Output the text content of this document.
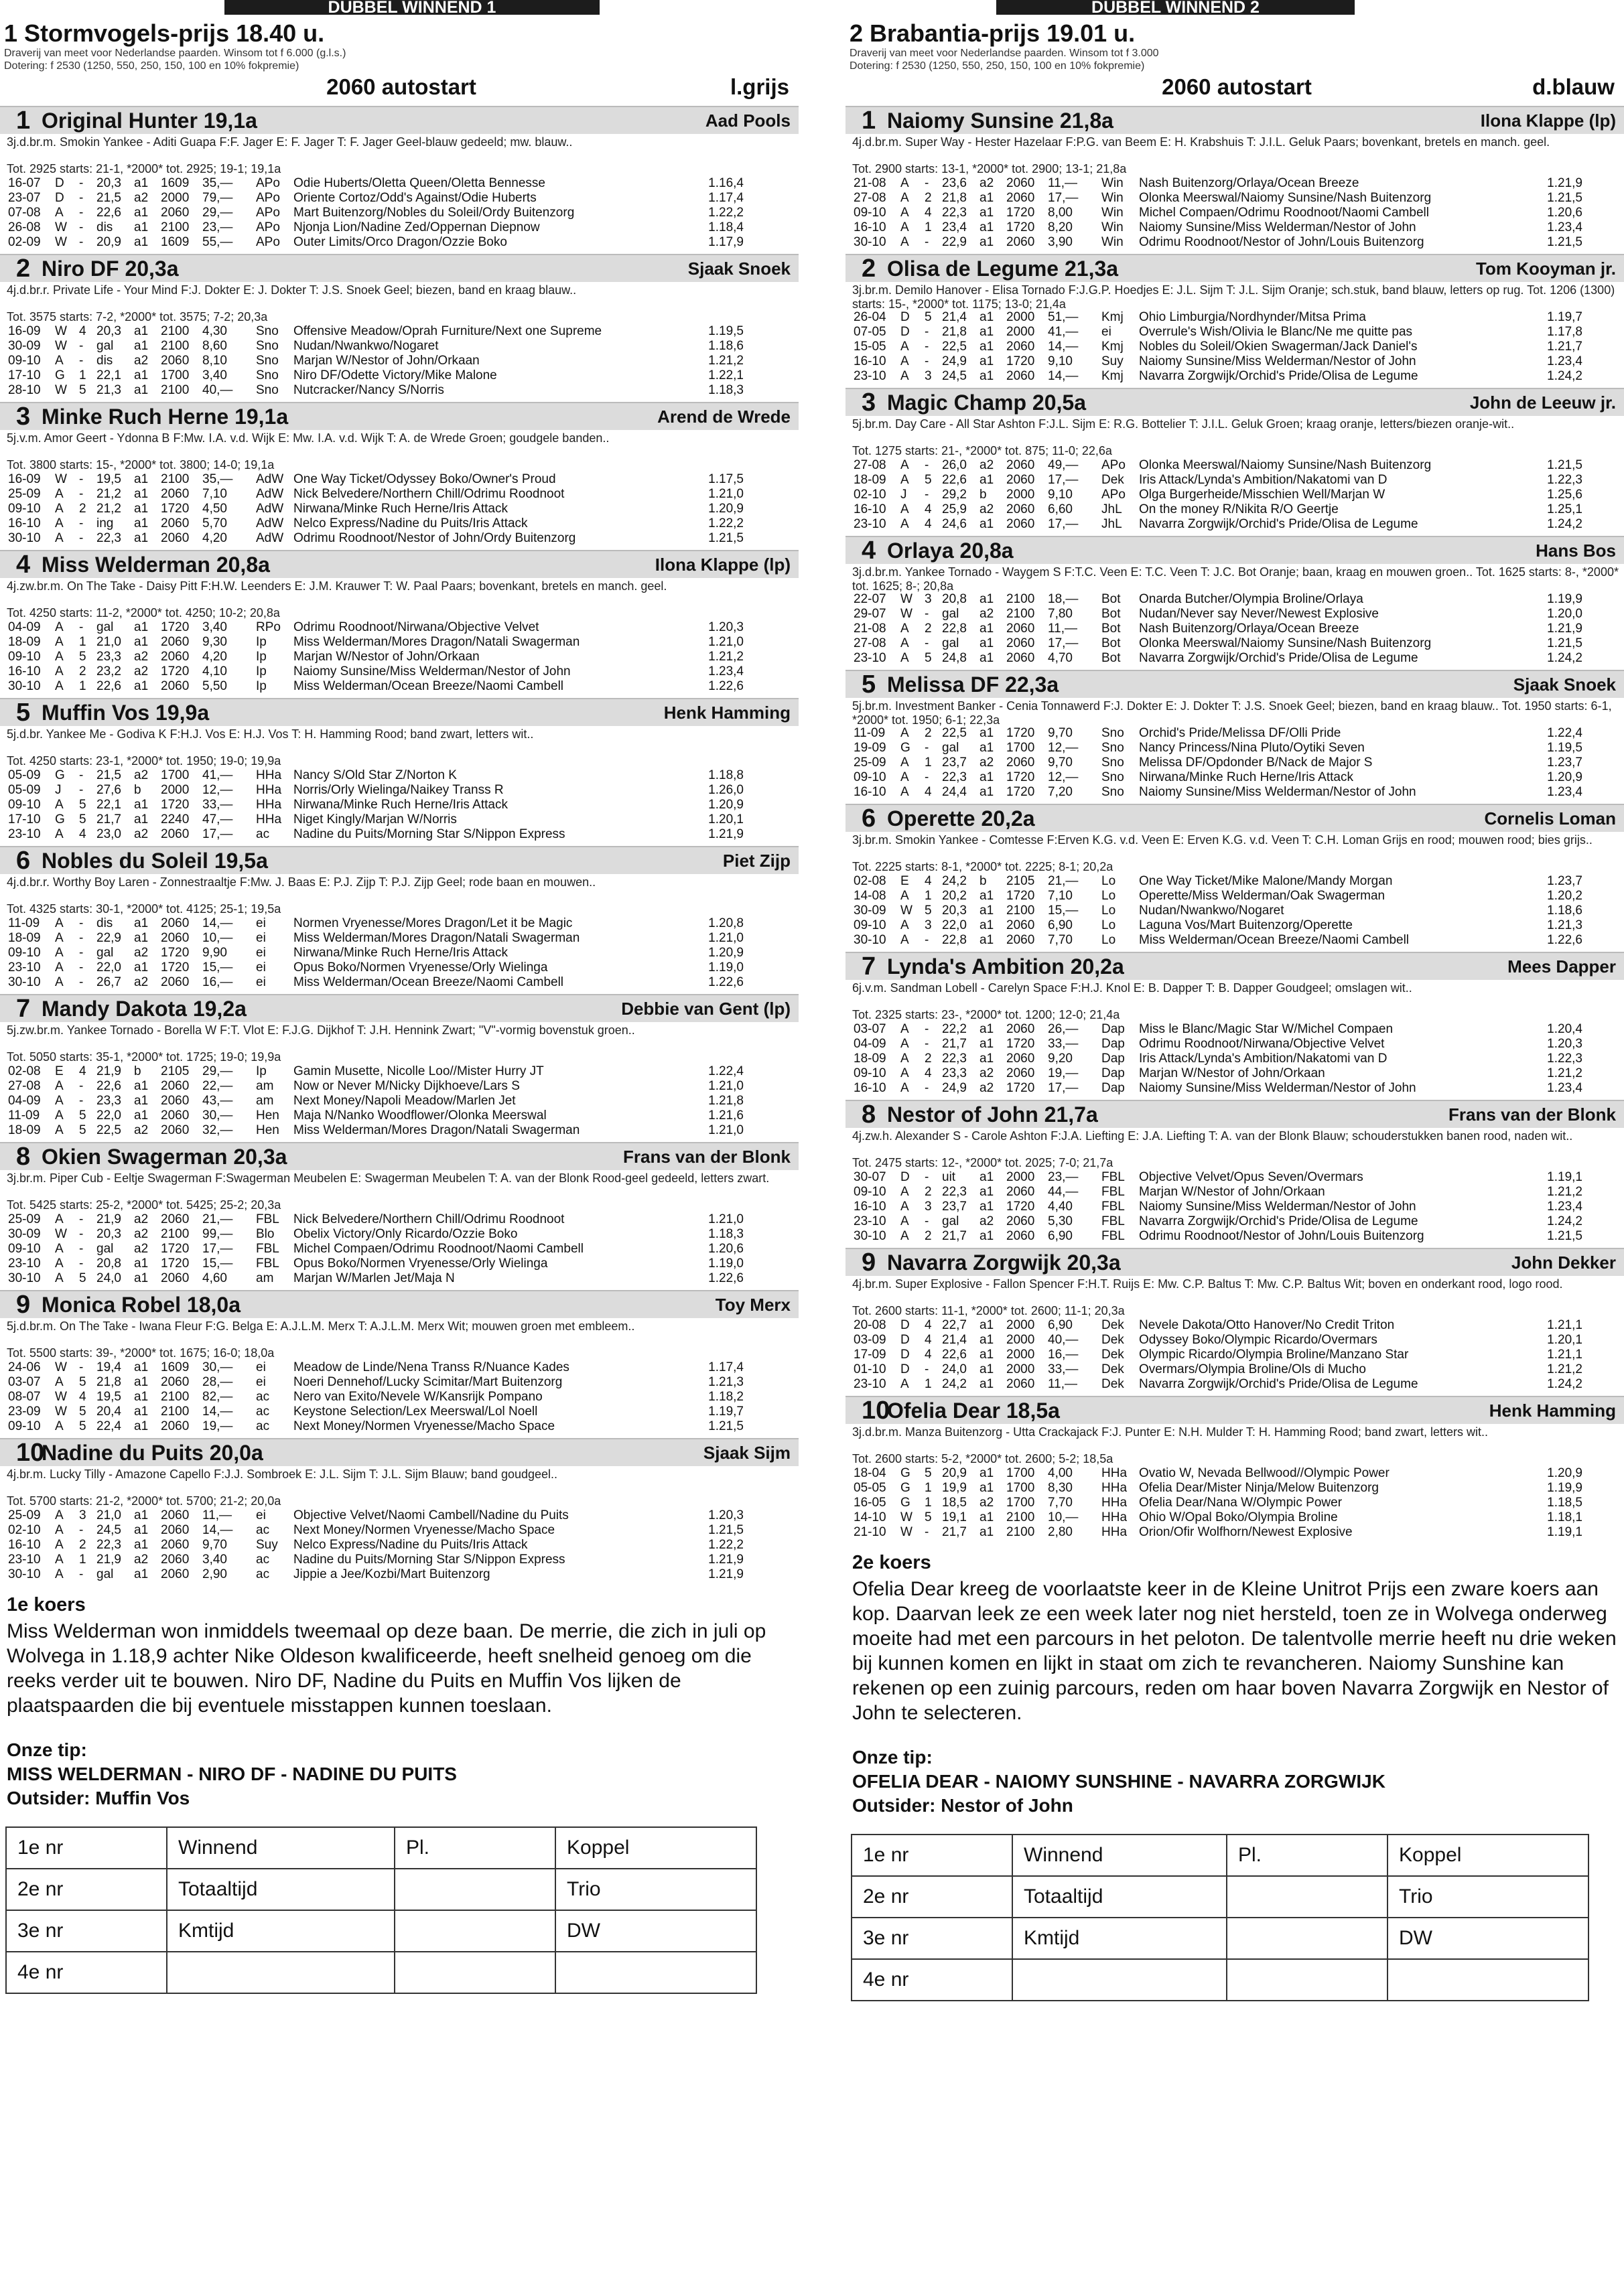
DUBBEL WINNEND 1
1 Stormvogels-prijs 18.40 u.
Draverij van meet voor Nederlandse paarden. Winsom tot f 6.000 (g.l.s.)
Dotering: f 2530 (1250, 550, 250, 150, 100 en 10% fokpremie)
2060 autostart	l.grijs
1 Original Hunter 19,1a	Aad Pools
3j.d.br.m. Smokin Yankee - Aditi Guapa F:F. Jager E: F. Jager T: F. Jager Geel-blauw gedeeld; mw. blauw..
Tot. 2925 starts: 21-1, *2000* tot. 2925; 19-1; 19,1a
16-07	D	-	20,3	a1	1609	35,—	APo	Odie Huberts/Oletta Queen/Oletta Bennesse	1.16,4
23-07	D	-	21,5	a2	2000	79,—	APo	Oriente Cortoz/Odd's Against/Odie Huberts	1.17,4
07-08	A	-	22,6	a1	2060	29,—	APo	Mart Buitenzorg/Nobles du Soleil/Ordy Buitenzorg	1.22,2
26-08	W	-	dis	a1	2100	23,—	APo	Njonja Lion/Nadine Zed/Oppernan Diepnow	1.18,4
02-09	W	-	20,9	a1	1609	55,—	APo	Outer Limits/Orco Dragon/Ozzie Boko	1.17,9
2 Niro DF 20,3a	Sjaak Snoek
4j.d.br.r. Private Life - Your Mind F:J. Dokter E: J. Dokter T: J.S. Snoek Geel; biezen, band en kraag blauw..
Tot. 3575 starts: 7-2, *2000* tot. 3575; 7-2; 20,3a
16-09	W	4	20,3	a1	2100	4,30	Sno	Offensive Meadow/Oprah Furniture/Next one Supreme	1.19,5
30-09	W	-	gal	a1	2100	8,60	Sno	Nudan/Nwankwo/Nogaret	1.18,6
09-10	A	-	dis	a2	2060	8,10	Sno	Marjan W/Nestor of John/Orkaan	1.21,2
17-10	G	1	22,1	a1	1700	3,40	Sno	Niro DF/Odette Victory/Mike Malone	1.22,1
28-10	W	5	21,3	a1	2100	40,—	Sno	Nutcracker/Nancy S/Norris	1.18,3
3 Minke Ruch Herne 19,1a	Arend de Wrede
5j.v.m. Amor Geert - Ydonna B F:Mw. I.A. v.d. Wijk E: Mw. I.A. v.d. Wijk T: A. de Wrede Groen; goudgele banden..
Tot. 3800 starts: 15-, *2000* tot. 3800; 14-0; 19,1a
16-09	W	-	19,5	a1	2100	35,—	AdW	One Way Ticket/Odyssey Boko/Owner's Proud	1.17,5
25-09	A	-	21,2	a1	2060	7,10	AdW	Nick Belvedere/Northern Chill/Odrimu Roodnoot	1.21,0
09-10	A	2	21,2	a1	1720	4,50	AdW	Nirwana/Minke Ruch Herne/Iris Attack	1.20,9
16-10	A	-	ing	a1	2060	5,70	AdW	Nelco Express/Nadine du Puits/Iris Attack	1.22,2
30-10	A	-	22,3	a1	2060	4,20	AdW	Odrimu Roodnoot/Nestor of John/Ordy Buitenzorg	1.21,5
4 Miss Welderman 20,8a	Ilona Klappe (lp)
4j.zw.br.m. On The Take - Daisy Pitt F:H.W. Leenders E: J.M. Krauwer T: W. Paal Paars; bovenkant, bretels en manch. geel.
Tot. 4250 starts: 11-2, *2000* tot. 4250; 10-2; 20,8a
04-09	A	-	gal	a1	1720	3,40	RPo	Odrimu Roodnoot/Nirwana/Objective Velvet	1.20,3
18-09	A	1	21,0	a1	2060	9,30	Ip	Miss Welderman/Mores Dragon/Natali Swagerman	1.21,0
09-10	A	5	23,3	a2	2060	4,20	Ip	Marjan W/Nestor of John/Orkaan	1.21,2
16-10	A	2	23,2	a2	1720	4,10	Ip	Naiomy Sunsine/Miss Welderman/Nestor of John	1.23,4
30-10	A	1	22,6	a1	2060	5,50	Ip	Miss Welderman/Ocean Breeze/Naomi Cambell	1.22,6
5 Muffin Vos 19,9a	Henk Hamming
5j.d.br. Yankee Me - Godiva K F:H.J. Vos E: H.J. Vos T: H. Hamming Rood; band zwart, letters wit..
Tot. 4250 starts: 23-1, *2000* tot. 1950; 19-0; 19,9a
05-09	G	-	21,5	a2	1700	41,—	HHa	Nancy S/Old Star Z/Norton K	1.18,8
05-09	J	-	27,6	b	2000	12,—	HHa	Norris/Orly Wielinga/Naikey Transs R	1.26,0
09-10	A	5	22,1	a1	1720	33,—	HHa	Nirwana/Minke Ruch Herne/Iris Attack	1.20,9
17-10	G	5	21,7	a1	2240	47,—	HHa	Niget Kingly/Marjan W/Norris	1.20,1
23-10	A	4	23,0	a2	2060	17,—	ac	Nadine du Puits/Morning Star S/Nippon Express	1.21,9
6 Nobles du Soleil 19,5a	Piet Zijp
4j.d.br.r. Worthy Boy Laren - Zonnestraaltje F:Mw. J. Baas E: P.J. Zijp T: P.J. Zijp Geel; rode baan en mouwen..
Tot. 4325 starts: 30-1, *2000* tot. 4125; 25-1; 19,5a
11-09	A	-	dis	a1	2060	14,—	ei	Normen Vryenesse/Mores Dragon/Let it be Magic	1.20,8
18-09	A	-	22,9	a1	2060	10,—	ei	Miss Welderman/Mores Dragon/Natali Swagerman	1.21,0
09-10	A	-	gal	a2	1720	9,90	ei	Nirwana/Minke Ruch Herne/Iris Attack	1.20,9
23-10	A	-	22,0	a1	1720	15,—	ei	Opus Boko/Normen Vryenesse/Orly Wielinga	1.19,0
30-10	A	-	26,7	a2	2060	16,—	ei	Miss Welderman/Ocean Breeze/Naomi Cambell	1.22,6
7 Mandy Dakota 19,2a	Debbie van Gent (lp)
5j.zw.br.m. Yankee Tornado - Borella W F:T. Vlot E: F.J.G. Dijkhof T: J.H. Hennink Zwart; "V"-vormig bovenstuk groen..
Tot. 5050 starts: 35-1, *2000* tot. 1725; 19-0; 19,9a
02-08	E	4	21,9	b	2105	29,—	Ip	Gamin Musette, Nicolle Loo//Mister Hurry JT	1.22,4
27-08	A	-	22,6	a1	2060	22,—	am	Now or Never M/Nicky Dijkhoeve/Lars S	1.21,0
04-09	A	-	23,3	a1	2060	43,—	am	Next Money/Napoli Meadow/Marlen Jet	1.21,8
11-09	A	5	22,0	a1	2060	30,—	Hen	Maja N/Nanko Woodflower/Olonka Meerswal	1.21,6
18-09	A	5	22,5	a2	2060	32,—	Hen	Miss Welderman/Mores Dragon/Natali Swagerman	1.21,0
8 Okien Swagerman 20,3a	Frans van der Blonk
3j.br.m. Piper Cub - Eeltje Swagerman F:Swagerman Meubelen E: Swagerman Meubelen T: A. van der Blonk Rood-geel gedeeld, letters zwart.
Tot. 5425 starts: 25-2, *2000* tot. 5425; 25-2; 20,3a
25-09	A	-	21,9	a2	2060	21,—	FBL	Nick Belvedere/Northern Chill/Odrimu Roodnoot	1.21,0
30-09	W	-	20,3	a2	2100	99,—	Blo	Obelix Victory/Only Ricardo/Ozzie Boko	1.18,3
09-10	A	-	gal	a2	1720	17,—	FBL	Michel Compaen/Odrimu Roodnoot/Naomi Cambell	1.20,6
23-10	A	-	20,8	a1	1720	15,—	FBL	Opus Boko/Normen Vryenesse/Orly Wielinga	1.19,0
30-10	A	5	24,0	a1	2060	4,60	am	Marjan W/Marlen Jet/Maja N	1.22,6
9 Monica Robel 18,0a	Toy Merx
5j.d.br.m. On The Take - Iwana Fleur F:G. Belga E: A.J.L.M. Merx T: A.J.L.M. Merx Wit; mouwen groen met embleem..
Tot. 5500 starts: 39-, *2000* tot. 1675; 16-0; 18,0a
24-06	W	-	19,4	a1	1609	30,—	ei	Meadow de Linde/Nena Transs R/Nuance Kades	1.17,4
03-07	A	5	21,8	a1	2060	28,—	ei	Noeri Dennehof/Lucky Scimitar/Mart Buitenzorg	1.21,3
08-07	W	4	19,5	a1	2100	82,—	ac	Nero van Exito/Nevele W/Kansrijk Pompano	1.18,2
23-09	W	5	20,4	a1	2100	14,—	ac	Keystone Selection/Lex Meerswal/Lol Noell	1.19,7
09-10	A	5	22,4	a1	2060	19,—	ac	Next Money/Normen Vryenesse/Macho Space	1.21,5
10
Nadine du Puits 20,0a	Sjaak Sijm
4j.br.m. Lucky Tilly - Amazone Capello F:J.J. Sombroek E: J.L. Sijm T: J.L. Sijm Blauw; band goudgeel..
Tot. 5700 starts: 21-2, *2000* tot. 5700; 21-2; 20,0a
25-09	A	3	21,0	a1	2060	11,—	ei	Objective Velvet/Naomi Cambell/Nadine du Puits	1.20,3
02-10	A	-	24,5	a1	2060	14,—	ac	Next Money/Normen Vryenesse/Macho Space	1.21,5
16-10	A	2	22,3	a1	2060	9,70	Suy	Nelco Express/Nadine du Puits/Iris Attack	1.22,2
23-10	A	1	21,9	a2	2060	3,40	ac	Nadine du Puits/Morning Star S/Nippon Express	1.21,9
30-10	A	-	gal	a1	2060	2,90	ac	Jippie a Jee/Kozbi/Mart Buitenzorg	1.21,9
1e koers

Miss Welderman won inmiddels tweemaal op deze baan. De merrie, die zich in juli op Wolvega in 1.18,9 achter Nike Oldeson kwalificeerde, heeft snelheid genoeg om die reeks verder uit te bouwen. Niro DF, Nadine du Puits en Muffin Vos lijken de plaatspaarden die bij eventuele misstappen kunnen toeslaan.

Onze tip:
MISS WELDERMAN - NIRO DF - NADINE DU PUITS
Outsider: Muffin Vos
1e nr	Winnend	Pl.	Koppel
2e nr	Totaaltijd		Trio
3e nr	Kmtijd		DW
4e nr			
DUBBEL WINNEND 2
2 Brabantia-prijs 19.01 u.
Draverij van meet voor Nederlandse paarden. Winsom tot f 3.000
Dotering: f 2530 (1250, 550, 250, 150, 100 en 10% fokpremie)
2060 autostart	d.blauw
1 Naiomy Sunsine 21,8a	Ilona Klappe (lp)
4j.d.br.m. Super Way - Hester Hazelaar F:P.G. van Beem E: H. Krabshuis T: J.I.L. Geluk Paars; bovenkant, bretels en manch. geel.
Tot. 2900 starts: 13-1, *2000* tot. 2900; 13-1; 21,8a
21-08	A	-	23,6	a2	2060	11,—	Win	Nash Buitenzorg/Orlaya/Ocean Breeze	1.21,9
27-08	A	2	21,8	a1	2060	17,—	Win	Olonka Meerswal/Naiomy Sunsine/Nash Buitenzorg	1.21,5
09-10	A	4	22,3	a1	1720	8,00	Win	Michel Compaen/Odrimu Roodnoot/Naomi Cambell	1.20,6
16-10	A	1	23,4	a1	1720	8,20	Win	Naiomy Sunsine/Miss Welderman/Nestor of John	1.23,4
30-10	A	-	22,9	a1	2060	3,90	Win	Odrimu Roodnoot/Nestor of John/Louis Buitenzorg	1.21,5
2 Olisa de Legume 21,3a	Tom Kooyman jr.
3j.br.m. Demilo Hanover - Elisa Tornado F:J.G.P. Hoedjes E: J.L. Sijm T: J.L. Sijm Oranje; sch.stuk, band blauw, letters op rug. Tot. 1206 (1300) starts: 15-, *2000* tot. 1175; 13-0; 21,4a
26-04	D	5	21,4	a1	2000	51,—	Kmj	Ohio Limburgia/Nordhynder/Mitsa Prima	1.19,7
07-05	D	-	21,8	a1	2000	41,—	ei	Overrule's Wish/Olivia le Blanc/Ne me quitte pas	1.17,8
15-05	A	-	22,5	a1	2060	14,—	Kmj	Nobles du Soleil/Okien Swagerman/Jack Daniel's	1.21,7
16-10	A	-	24,9	a1	1720	9,10	Suy	Naiomy Sunsine/Miss Welderman/Nestor of John	1.23,4
23-10	A	3	24,5	a1	2060	14,—	Kmj	Navarra Zorgwijk/Orchid's Pride/Olisa de Legume	1.24,2
3 Magic Champ 20,5a	John de Leeuw jr.
5j.br.m. Day Care - All Star Ashton F:J.L. Sijm E: R.G. Bottelier T: J.I.L. Geluk Groen; kraag oranje, letters/biezen oranje-wit..
Tot. 1275 starts: 21-, *2000* tot. 875; 11-0; 22,6a
27-08	A	-	26,0	a2	2060	49,—	APo	Olonka Meerswal/Naiomy Sunsine/Nash Buitenzorg	1.21,5
18-09	A	5	22,6	a1	2060	17,—	Dek	Iris Attack/Lynda's Ambition/Nakatomi van D	1.22,3
02-10	J	-	29,2	b	2000	9,10	APo	Olga Burgerheide/Misschien Well/Marjan W	1.25,6
16-10	A	4	25,9	a2	2060	6,60	JhL	On the money R/Nikita R/O Geertje	1.25,1
23-10	A	4	24,6	a1	2060	17,—	JhL	Navarra Zorgwijk/Orchid's Pride/Olisa de Legume	1.24,2
4 Orlaya 20,8a	Hans Bos
3j.d.br.m. Yankee Tornado - Waygem S F:T.C. Veen E: T.C. Veen T: J.C. Bot Oranje; baan, kraag en mouwen groen.. Tot. 1625 starts: 8-, *2000* tot. 1625; 8-; 20,8a
22-07	W	3	20,8	a1	2100	18,—	Bot	Onarda Butcher/Olympia Broline/Orlaya	1.19,9
29-07	W	-	gal	a2	2100	7,80	Bot	Nudan/Never say Never/Newest Explosive	1.20,0
21-08	A	2	22,8	a1	2060	11,—	Bot	Nash Buitenzorg/Orlaya/Ocean Breeze	1.21,9
27-08	A	-	gal	a1	2060	17,—	Bot	Olonka Meerswal/Naiomy Sunsine/Nash Buitenzorg	1.21,5
23-10	A	5	24,8	a1	2060	4,70	Bot	Navarra Zorgwijk/Orchid's Pride/Olisa de Legume	1.24,2
5 Melissa DF 22,3a	Sjaak Snoek
5j.br.m. Investment Banker - Cenia Tonnawerd F:J. Dokter E: J. Dokter T: J.S. Snoek Geel; biezen, band en kraag blauw.. Tot. 1950 starts: 6-1, *2000* tot. 1950; 6-1; 22,3a
11-09	A	2	22,5	a1	1720	9,70	Sno	Orchid's Pride/Melissa DF/Olli Pride	1.22,4
19-09	G	-	gal	a1	1700	12,—	Sno	Nancy Princess/Nina Pluto/Oytiki Seven	1.19,5
25-09	A	1	23,7	a2	2060	9,70	Sno	Melissa DF/Opdonder B/Nack de Major S	1.23,7
09-10	A	-	22,3	a1	1720	12,—	Sno	Nirwana/Minke Ruch Herne/Iris Attack	1.20,9
16-10	A	4	24,4	a1	1720	7,20	Sno	Naiomy Sunsine/Miss Welderman/Nestor of John	1.23,4
6 Operette 20,2a	Cornelis Loman
3j.br.m. Smokin Yankee - Comtesse F:Erven K.G. v.d. Veen E: Erven K.G. v.d. Veen T: C.H. Loman Grijs en rood; mouwen rood; bies grijs..
Tot. 2225 starts: 8-1, *2000* tot. 2225; 8-1; 20,2a
02-08	E	4	24,2	b	2105	21,—	Lo	One Way Ticket/Mike Malone/Mandy Morgan	1.23,7
14-08	A	1	20,2	a1	1720	7,10	Lo	Operette/Miss Welderman/Oak Swagerman	1.20,2
30-09	W	5	20,3	a1	2100	15,—	Lo	Nudan/Nwankwo/Nogaret	1.18,6
09-10	A	3	22,0	a1	2060	6,90	Lo	Laguna Vos/Mart Buitenzorg/Operette	1.21,3
30-10	A	-	22,8	a1	2060	7,70	Lo	Miss Welderman/Ocean Breeze/Naomi Cambell	1.22,6
7 Lynda's Ambition 20,2a	Mees Dapper
6j.v.m. Sandman Lobell - Carelyn Space F:H.J. Knol E: B. Dapper T: B. Dapper Goudgeel; omslagen wit..
Tot. 2325 starts: 23-, *2000* tot. 1200; 12-0; 21,4a
03-07	A	-	22,2	a1	2060	26,—	Dap	Miss le Blanc/Magic Star W/Michel Compaen	1.20,4
04-09	A	-	21,7	a1	1720	33,—	Dap	Odrimu Roodnoot/Nirwana/Objective Velvet	1.20,3
18-09	A	2	22,3	a1	2060	9,20	Dap	Iris Attack/Lynda's Ambition/Nakatomi van D	1.22,3
09-10	A	4	23,3	a2	2060	19,—	Dap	Marjan W/Nestor of John/Orkaan	1.21,2
16-10	A	-	24,9	a2	1720	17,—	Dap	Naiomy Sunsine/Miss Welderman/Nestor of John	1.23,4
8 Nestor of John 21,7a	Frans van der Blonk
4j.zw.h. Alexander S - Carole Ashton F:J.A. Liefting E: J.A. Liefting T: A. van der Blonk Blauw; schouderstukken banen rood, naden wit..
Tot. 2475 starts: 12-, *2000* tot. 2025; 7-0; 21,7a
30-07	D	-	uit	a1	2000	23,—	FBL	Objective Velvet/Opus Seven/Overmars	1.19,1
09-10	A	2	22,3	a1	2060	44,—	FBL	Marjan W/Nestor of John/Orkaan	1.21,2
16-10	A	3	23,7	a1	1720	4,40	FBL	Naiomy Sunsine/Miss Welderman/Nestor of John	1.23,4
23-10	A	-	gal	a2	2060	5,30	FBL	Navarra Zorgwijk/Orchid's Pride/Olisa de Legume	1.24,2
30-10	A	2	21,7	a1	2060	6,90	FBL	Odrimu Roodnoot/Nestor of John/Louis Buitenzorg	1.21,5
9 Navarra Zorgwijk 20,3a	John Dekker
4j.br.m. Super Explosive - Fallon Spencer F:H.T. Ruijs E: Mw. C.P. Baltus T: Mw. C.P. Baltus Wit; boven en onderkant rood, logo rood.
Tot. 2600 starts: 11-1, *2000* tot. 2600; 11-1; 20,3a
20-08	D	4	22,7	a1	2000	6,90	Dek	Nevele Dakota/Otto Hanover/No Credit Triton	1.21,1
03-09	D	4	21,4	a1	2000	40,—	Dek	Odyssey Boko/Olympic Ricardo/Overmars	1.20,1
17-09	D	4	22,6	a1	2000	16,—	Dek	Olympic Ricardo/Olympia Broline/Manzano Star	1.21,1
01-10	D	-	24,0	a1	2000	33,—	Dek	Overmars/Olympia Broline/Ols di Mucho	1.21,2
23-10	A	1	24,2	a1	2060	11,—	Dek	Navarra Zorgwijk/Orchid's Pride/Olisa de Legume	1.24,2
10
Ofelia Dear 18,5a	Henk Hamming
3j.d.br.m. Manza Buitenzorg - Utta Crackajack F:J. Punter E: N.H. Mulder T: H. Hamming Rood; band zwart, letters wit..
Tot. 2600 starts: 5-2, *2000* tot. 2600; 5-2; 18,5a
18-04	G	5	20,9	a1	1700	4,00	HHa	Ovatio W, Nevada Bellwood//Olympic Power	1.20,9
05-05	G	1	19,9	a1	1700	8,30	HHa	Ofelia Dear/Mister Ninja/Melow Buitenzorg	1.19,9
16-05	G	1	18,5	a2	1700	7,70	HHa	Ofelia Dear/Nana W/Olympic Power	1.18,5
14-10	W	5	19,1	a1	2100	10,—	HHa	Ohio W/Opal Boko/Olympia Broline	1.18,1
21-10	W	-	21,7	a1	2100	2,80	HHa	Orion/Ofir Wolfhorn/Newest Explosive	1.19,1
2e koers

Ofelia Dear kreeg de voorlaatste keer in de Kleine Unitrot Prijs een zware koers aan kop. Daarvan leek ze een week later nog niet hersteld, toen ze in Wolvega onderweg moeite had met een parcours in het peloton. De talentvolle merrie heeft nu drie weken bij kunnen komen en lijkt in staat om zich te revancheren. Naiomy Sunshine kan rekenen op een zuinig parcours, reden om haar boven Navarra Zorgwijk en Nestor of John te selecteren.

Onze tip:
OFELIA DEAR - NAIOMY SUNSHINE - NAVARRA ZORGWIJK
Outsider: Nestor of John
1e nr	Winnend	Pl.	Koppel
2e nr	Totaaltijd		Trio
3e nr	Kmtijd		DW
4e nr			
